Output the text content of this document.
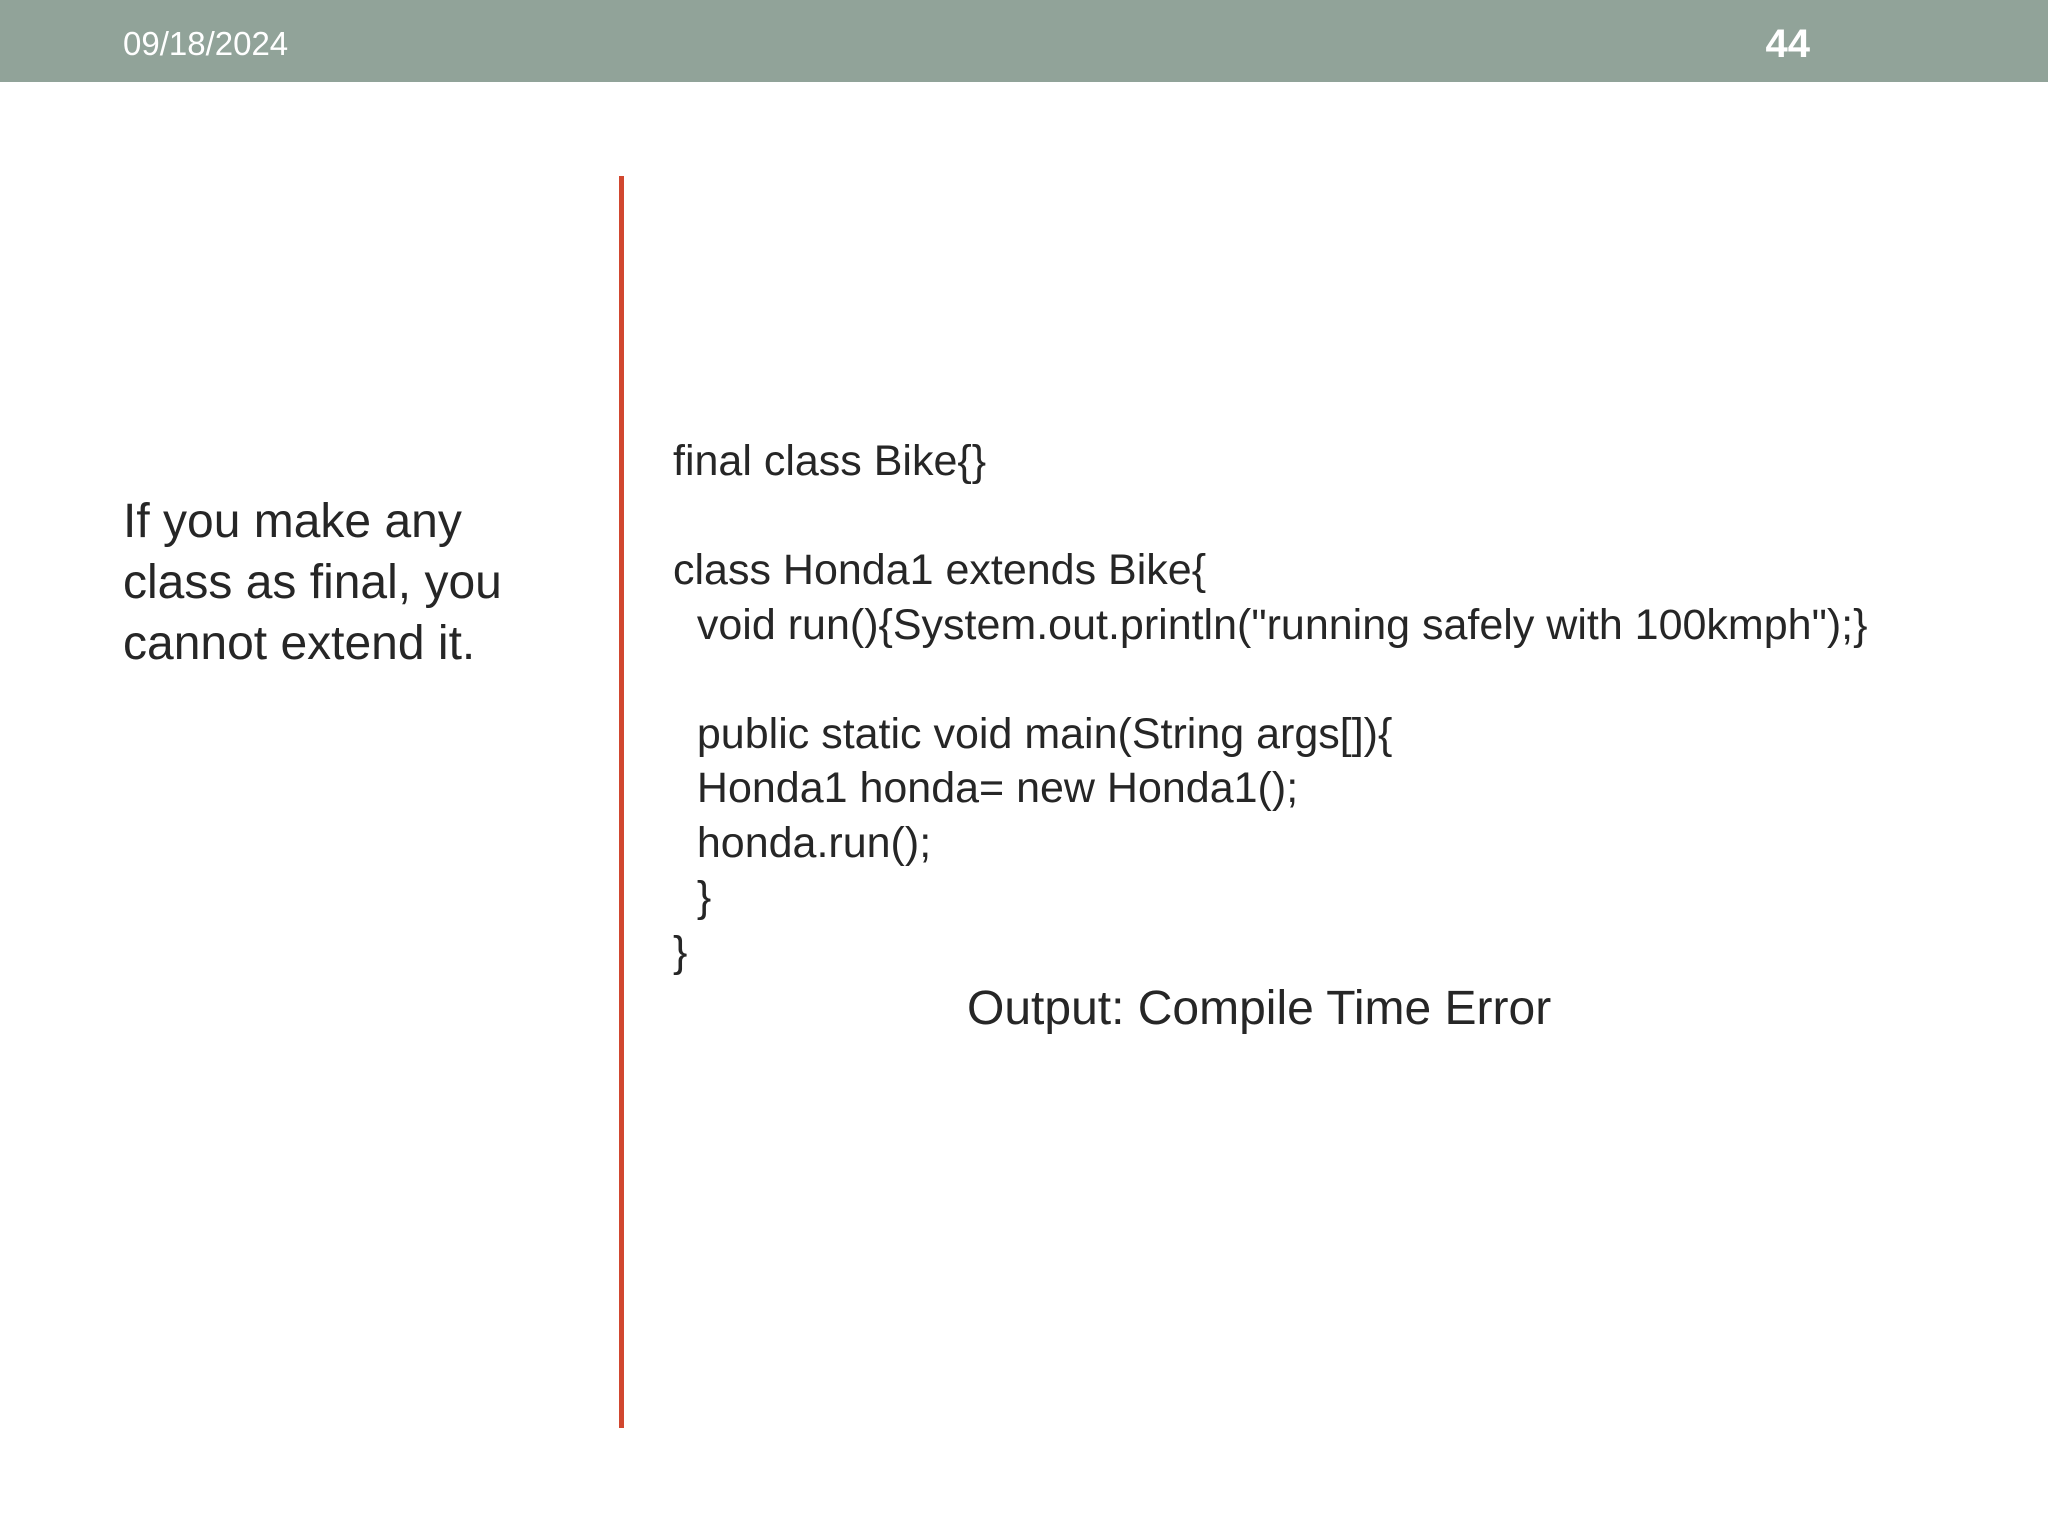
09/18/2024	44
If you make any
class as final, you
cannot extend it.
final class Bike{}
class Honda1 extends Bike{
void run(){System.out.println("running safely with 100kmph");}
public static void main(String args[]){
Honda1 honda= new Honda1();
honda.run();
}
}
Output: Compile Time Error
